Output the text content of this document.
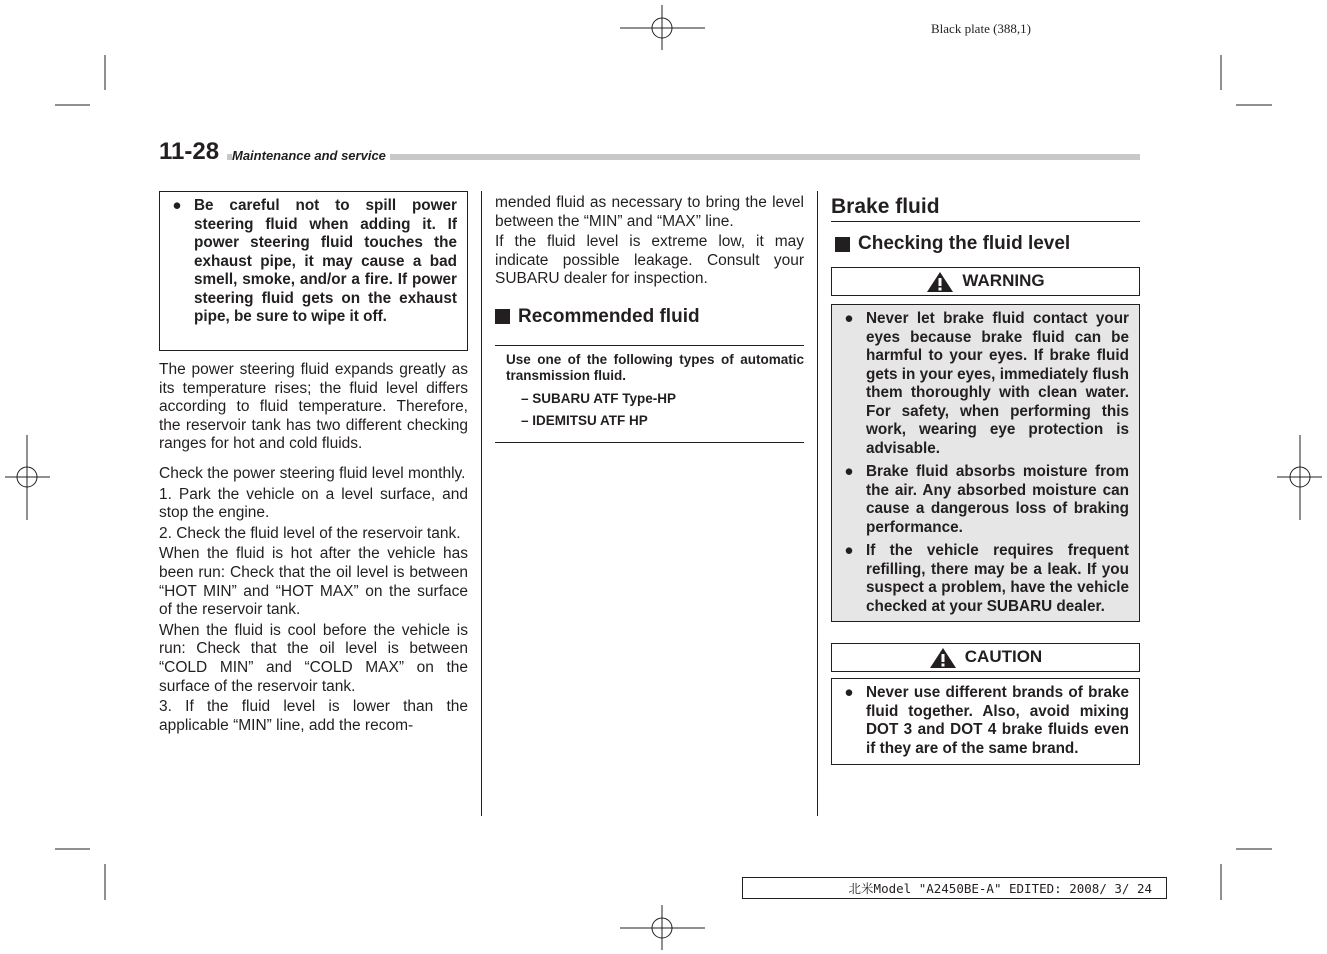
Black plate (388,1)
11-28 Maintenance and service
● Be careful not to spill power steering fluid when adding it. If power steering fluid touches the exhaust pipe, it may cause a bad smell, smoke, and/or a fire. If power steering fluid gets on the exhaust pipe, be sure to wipe it off.

The power steering fluid expands greatly as its temperature rises; the fluid level differs according to fluid temperature. Therefore, the reservoir tank has two different checking ranges for hot and cold fluids.

Check the power steering fluid level monthly.

1. Park the vehicle on a level surface, and stop the engine.

2. Check the fluid level of the reservoir tank.

When the fluid is hot after the vehicle has been run: Check that the oil level is between “HOT MIN” and “HOT MAX” on the surface of the reservoir tank.

When the fluid is cool before the vehicle is run: Check that the oil level is between “COLD MIN” and “COLD MAX” on the surface of the reservoir tank.

3. If the fluid level is lower than the applicable “MIN” line, add the recom-

mended fluid as necessary to bring the level between the “MIN” and “MAX” line.

If the fluid level is extreme low, it may indicate possible leakage. Consult your SUBARU dealer for inspection.

Recommended fluid
Use one of the following types of automatic transmission fluid.
– SUBARU ATF Type-HP
– IDEMITSU ATF HP
Brake fluid
Checking the fluid level
WARNING
● Never let brake fluid contact your eyes because brake fluid can be harmful to your eyes. If brake fluid gets in your eyes, immediately flush them thoroughly with clean water. For safety, when performing this work, wearing eye protection is advisable.
● Brake fluid absorbs moisture from the air. Any absorbed moisture can cause a dangerous loss of braking performance.
● If the vehicle requires frequent refilling, there may be a leak. If you suspect a problem, have the vehicle checked at your SUBARU dealer.
CAUTION
● Never use different brands of brake fluid together. Also, avoid mixing DOT 3 and DOT 4 brake fluids even if they are of the same brand.
北米Model "A2450BE-A" EDITED: 2008/ 3/ 24
